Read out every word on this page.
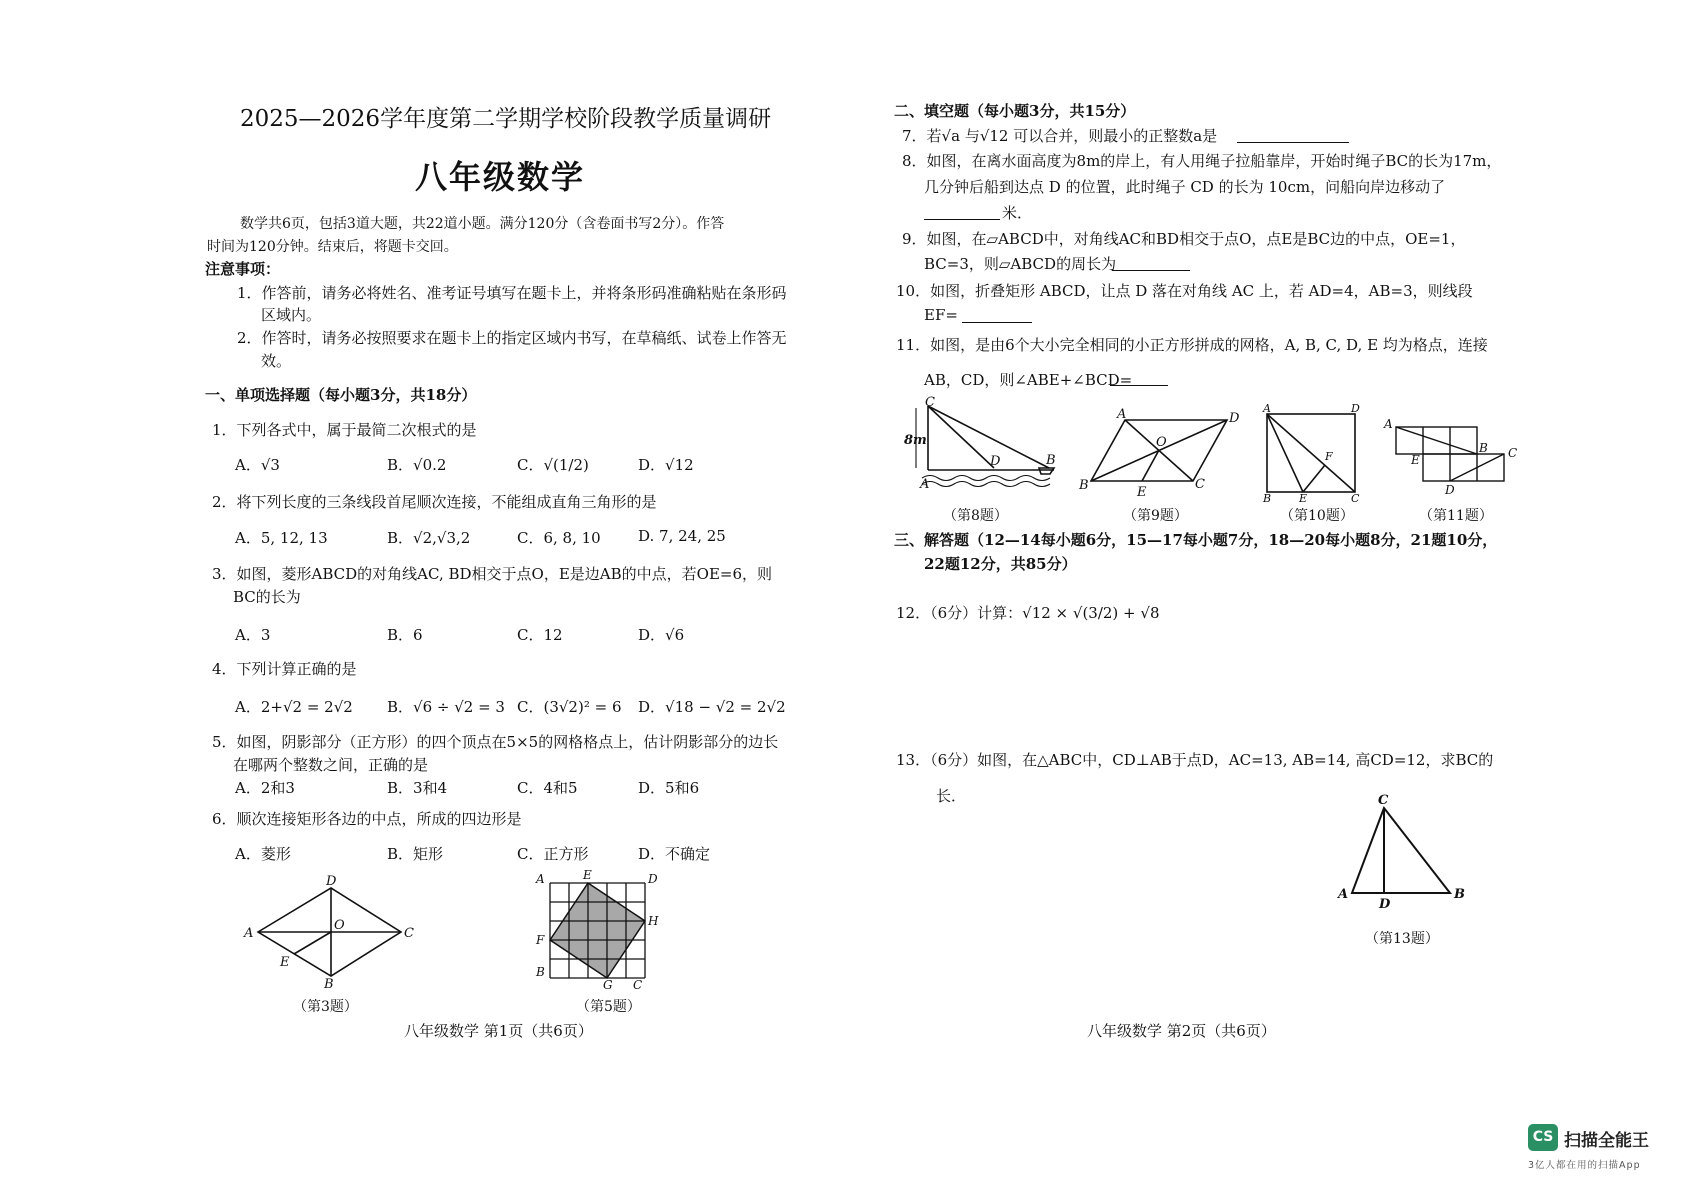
2025—2026学年度第二学期学校阶段教学质量调研
八年级数学
数学共6页，包括3道大题，共22道小题。满分120分（含卷面书写2分）。作答
时间为120分钟。结束后，将题卡交回。
注意事项：
1．作答前，请务必将姓名、准考证号填写在题卡上，并将条形码准确粘贴在条形码
区域内。
2．作答时，请务必按照要求在题卡上的指定区域内书写，在草稿纸、试卷上作答无
效。
一、单项选择题（每小题3分，共18分）
1．下列各式中，属于最简二次根式的是
A．√3	B．√0.2	C．√(1/2)	D．√12
2．将下列长度的三条线段首尾顺次连接，不能组成直角三角形的是
A．5, 12, 13	B．√2,√3,2	C．6, 8, 10 D. 7, 24, 25
3．如图，菱形ABCD的对角线AC, BD相交于点O，E是边AB的中点，若OE=6，则
BC的长为
A．3	B．6	C．12	D．√6
4．下列计算正确的是
A．2+√2 = 2√2 B．√6 ÷ √2 = 3 C．(3√2)² = 6 D．√18 − √2 = 2√2
5．如图，阴影部分（正方形）的四个顶点在5×5的网格格点上，估计阴影部分的边长
在哪两个整数之间，正确的是
A．2和3	B．3和4	C．4和5	D．5和6
6．顺次连接矩形各边的中点，所成的四边形是
A．菱形	B．矩形	C．正方形	D．不确定
D
A
O
C
E
B
（第3题）
A	E	D
H
F
B
G C
（第5题）
八年级数学 第1页（共6页）
二、填空题（每小题3分，共15分）
7．若√a 与√12 可以合并，则最小的正整数a是
8．如图，在离水面高度为8m的岸上，有人用绳子拉船靠岸，开始时绳子BC的长为17m，
几分钟后船到达点 D 的位置，此时绳子 CD 的长为 10cm，问船向岸边移动了
米．
9．如图，在▱ABCD中，对角线AC和BD相交于点O，点E是BC边的中点，OE=1，
BC=3，则▱ABCD的周长为
10．如图，折叠矩形 ABCD，让点 D 落在对角线 AC 上，若 AD=4，AB=3，则线段
EF=
11．如图，是由6个大小完全相同的小正方形拼成的网格，A, B, C, D, E 均为格点，连接
AB，CD，则∠ABE+∠BCD=
C
8m
A
D	B
（第8题）
A	D
O
B	E
C
（第9题）
A	D
F
B	E	C
（第10题）
A
B C
E
D
（第11题）
三、解答题（12—14每小题6分，15—17每小题7分，18—20每小题8分，21题10分，
22题12分，共85分）
12．（6分）计算：√12 × √(3/2) + √8
13．（6分）如图，在△ABC中，CD⊥AB于点D，AC=13, AB=14, 高CD=12，求BC的
长．	C
A
D
B
（第13题）
八年级数学 第2页（共6页）
CS 扫描全能王
3亿人都在用的扫描App
